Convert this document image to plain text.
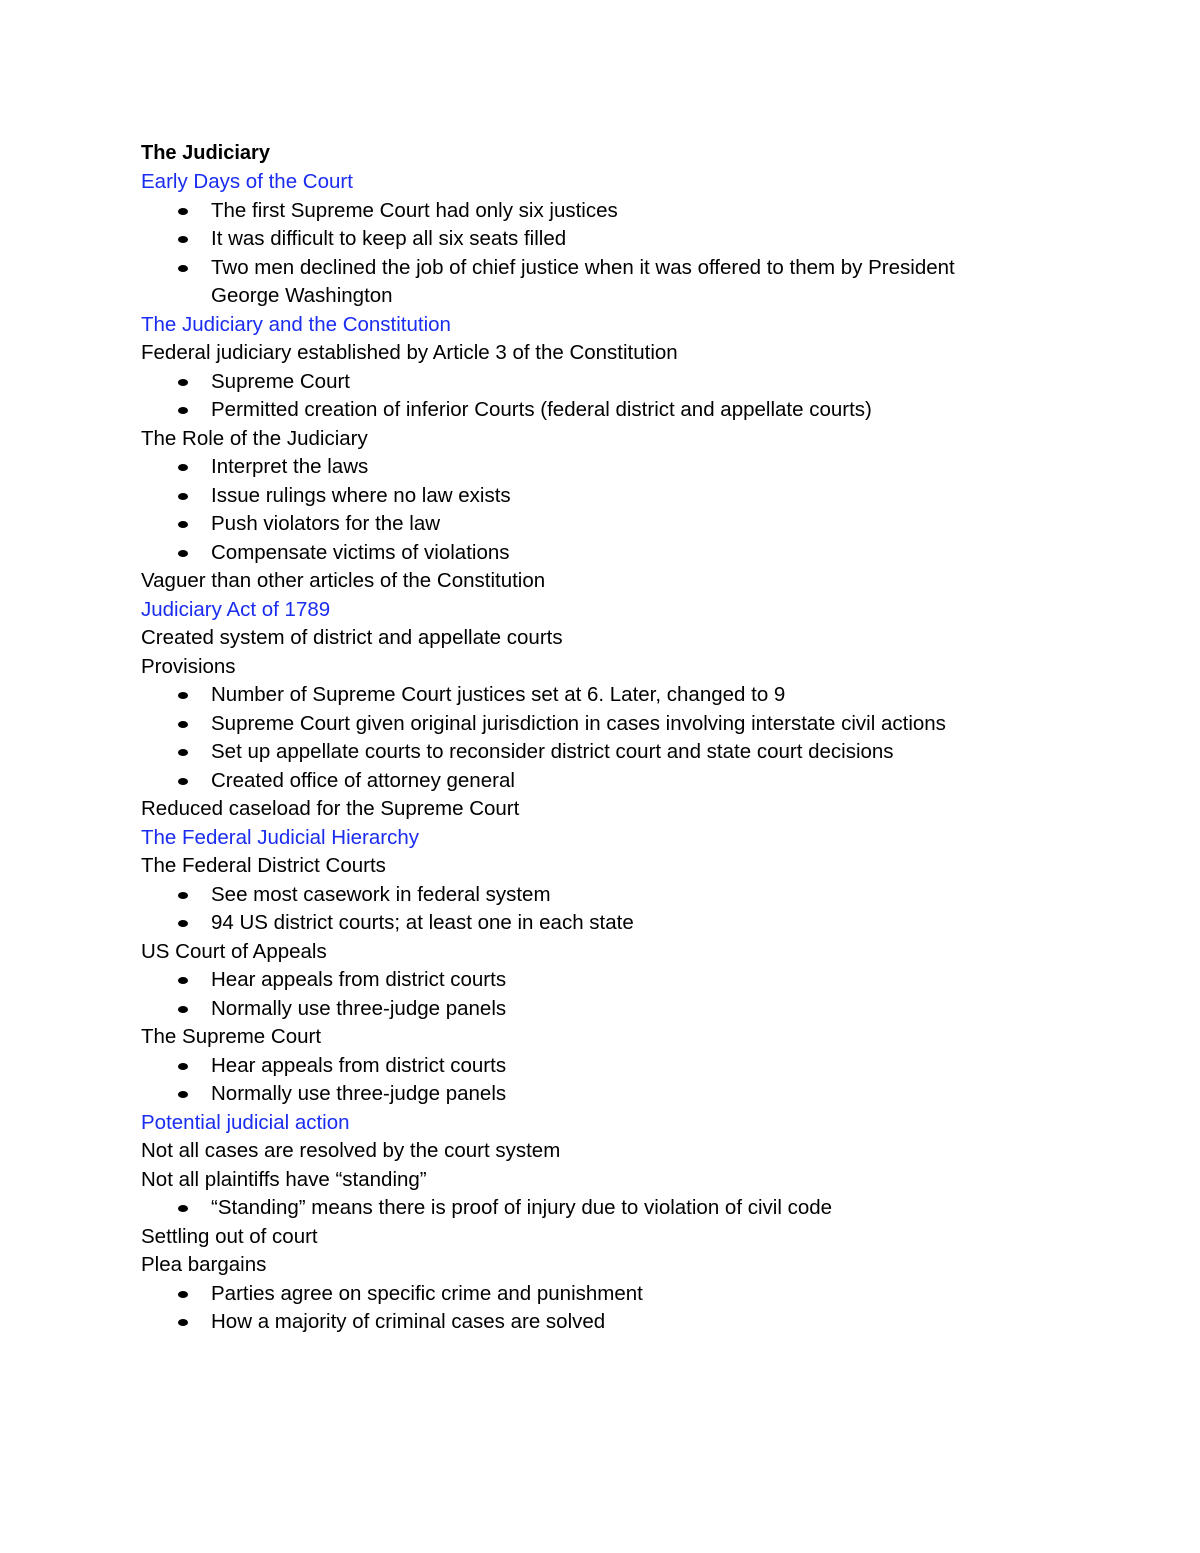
The Judiciary
Early Days of the Court
The first Supreme Court had only six justices
It was difficult to keep all six seats filled
Two men declined the job of chief justice when it was offered to them by President George Washington
The Judiciary and the Constitution
Federal judiciary established by Article 3 of the Constitution
Supreme Court
Permitted creation of inferior Courts (federal district and appellate courts)
The Role of the Judiciary
Interpret the laws
Issue rulings where no law exists
Push violators for the law
Compensate victims of violations
Vaguer than other articles of the Constitution
Judiciary Act of 1789
Created system of district and appellate courts
Provisions
Number of Supreme Court justices set at 6. Later, changed to 9
Supreme Court given original jurisdiction in cases involving interstate civil actions
Set up appellate courts to reconsider district court and state court decisions
Created office of attorney general
Reduced caseload for the Supreme Court
The Federal Judicial Hierarchy
The Federal District Courts
See most casework in federal system
94 US district courts; at least one in each state
US Court of Appeals
Hear appeals from district courts
Normally use three-judge panels
The Supreme Court
Hear appeals from district courts
Normally use three-judge panels
Potential judicial action
Not all cases are resolved by the court system
Not all plaintiffs have “standing”
“Standing” means there is proof of injury due to violation of civil code
Settling out of court
Plea bargains
Parties agree on specific crime and punishment
How a majority of criminal cases are solved
